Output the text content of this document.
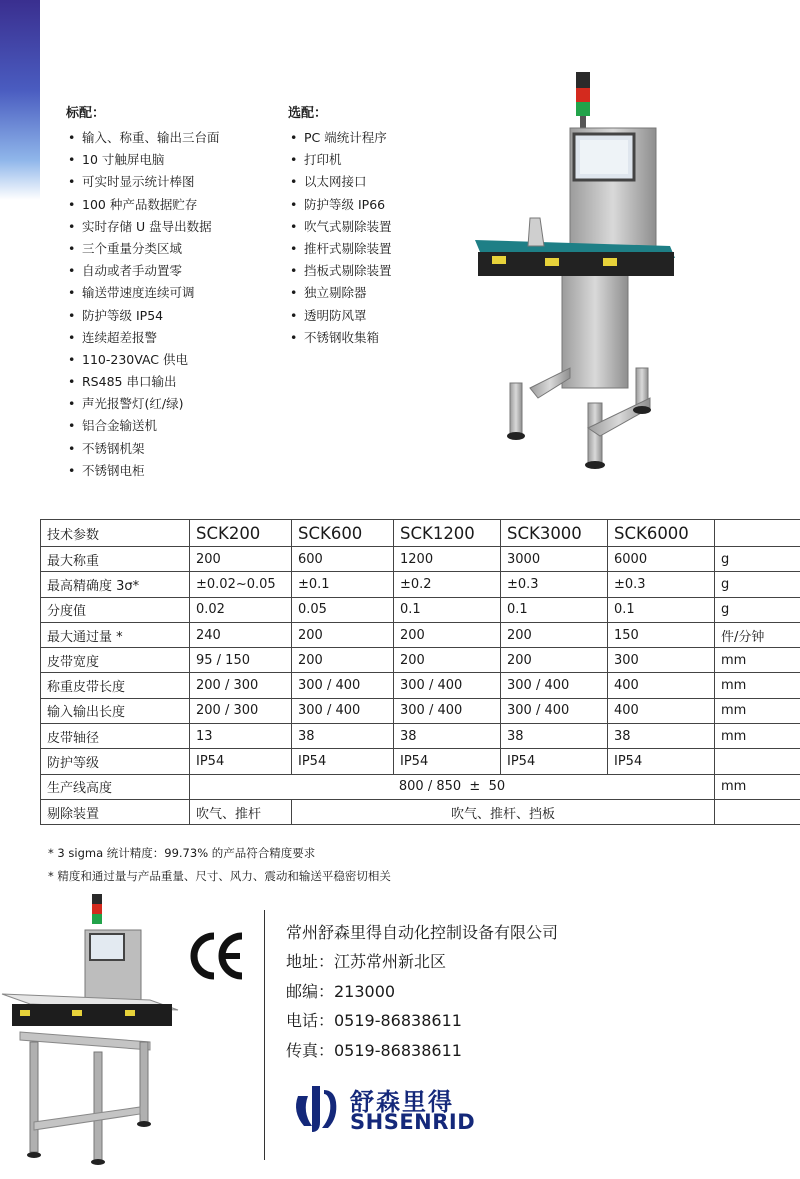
标配：
• 输入、称重、输出三台面
• 10 寸触屏电脑
• 可实时显示统计棒图
• 100 种产品数据贮存
• 实时存储 U 盘导出数据
• 三个重量分类区域
• 自动或者手动置零
• 输送带速度连续可调
• 防护等级 IP54
• 连续超差报警
• 110-230VAC 供电
• RS485 串口输出
• 声光报警灯(红/绿)
• 铝合金输送机
• 不锈钢机架
• 不锈钢电柜
选配：
• PC 端统计程序
• 打印机
• 以太网接口
• 防护等级 IP66
• 吹气式剔除装置
• 推杆式剔除装置
• 挡板式剔除装置
• 独立剔除器
• 透明防风罩
• 不锈钢收集箱
技术参数	SCK200	SCK600	SCK1200	SCK3000	SCK6000	
最大称重	200	600	1200	3000	6000	g
最高精确度 3σ*	±0.02~0.05	±0.1	±0.2	±0.3	±0.3	g
分度值	0.02	0.05	0.1	0.1	0.1	g
最大通过量 *	240	200	200	200	150	件/分钟
皮带宽度	95 / 150	200	200	200	300	mm
称重皮带长度	200 / 300	300 / 400	300 / 400	300 / 400	400	mm
输入输出长度	200 / 300	300 / 400	300 / 400	300 / 400	400	mm
皮带轴径	13	38	38	38	38	mm
防护等级	IP54	IP54	IP54	IP54	IP54	
生产线高度	800 / 850  ±  50					mm
剔除装置	吹气、推杆	吹气、推杆、挡板				
* 3 sigma 统计精度：99.73% 的产品符合精度要求
* 精度和通过量与产品重量、尺寸、风力、震动和输送平稳密切相关
CE	常州舒森里得自动化控制设备有限公司
地址：江苏常州新北区
邮编：213000
电话：0519-86838611
传真：0519-86838611
舒森里得
SHSENRID
